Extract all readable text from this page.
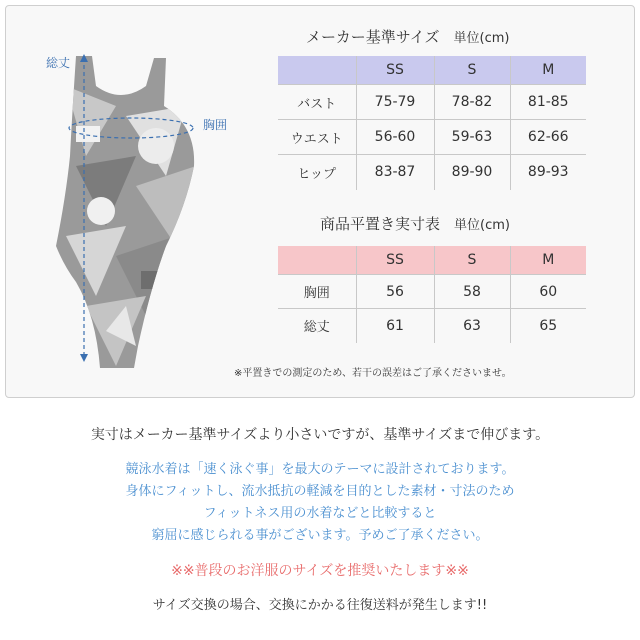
総丈
胸囲
メーカー基準サイズ 単位(cm)
	SS	S	M
バスト	75-79	78-82	81-85
ウエスト	56-60	59-63	62-66
ヒップ	83-87	89-90	89-93
商品平置き実寸表 単位(cm)
	SS	S	M
胸囲	56	58	60
総丈	61	63	65
※平置きでの測定のため、若干の誤差はご了承くださいませ。
実寸はメーカー基準サイズより小さいですが、基準サイズまで伸びます。
競泳水着は「速く泳ぐ事」を最大のテーマに設計されております。
身体にフィットし、流水抵抗の軽減を目的とした素材・寸法のため
フィットネス用の水着などと比較すると
窮屈に感じられる事がございます。予めご了承ください。
※※普段のお洋服のサイズを推奨いたします※※
サイズ交換の場合、交換にかかる往復送料が発生します!!
